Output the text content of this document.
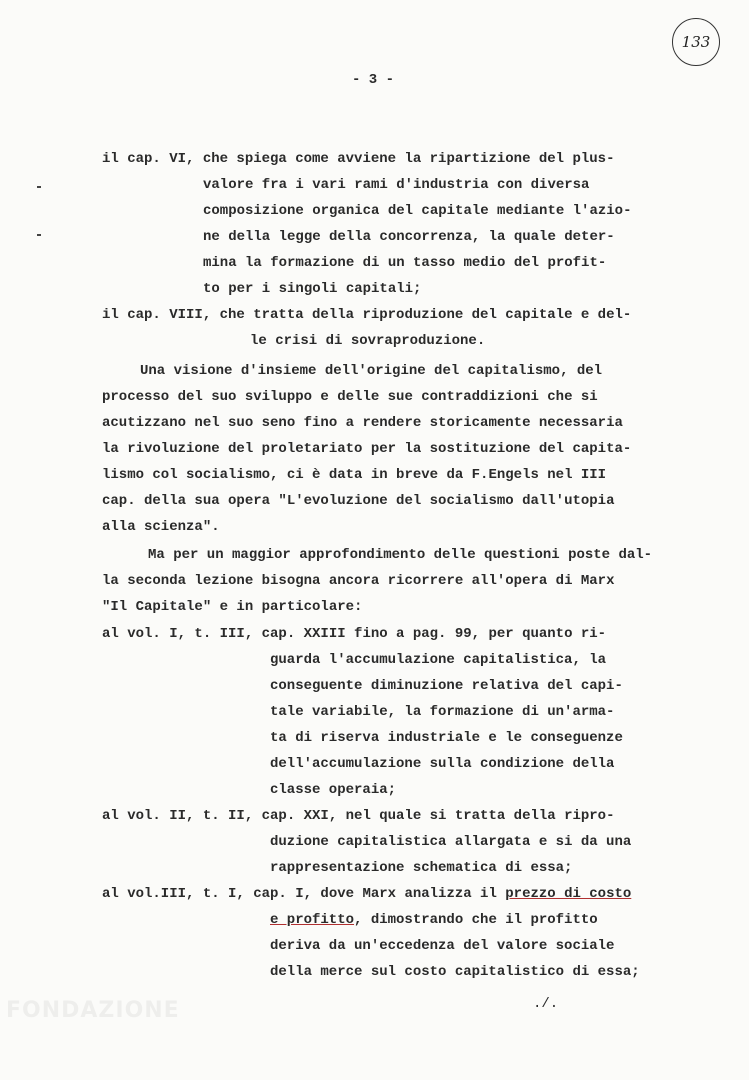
133
- 3 -
il cap. VI, che spiega come avviene la ripartizione del plus-
valore fra i vari rami d'industria con diversa
composizione organica del capitale mediante l'azio-
ne della legge della concorrenza, la quale deter-
mina la formazione di un tasso medio del profit-
to per i singoli capitali;
il cap. VIII, che tratta della riproduzione del capitale e del-
le crisi di sovraproduzione.
Una visione d'insieme dell'origine del capitalismo, del
processo del suo sviluppo e delle sue contraddizioni che si
acutizzano nel suo seno fino a rendere storicamente necessaria
la rivoluzione del proletariato per la sostituzione del capita-
lismo col socialismo, ci è data in breve da F.Engels nel III
cap. della sua opera "L'evoluzione del socialismo dall'utopia
alla scienza".
Ma per un maggior approfondimento delle questioni poste dal-
la seconda lezione bisogna ancora ricorrere all'opera di Marx
"Il Capitale" e in particolare:
al vol. I, t. III, cap. XXIII fino a pag. 99, per quanto ri-
guarda l'accumulazione capitalistica, la
conseguente diminuzione relativa del capi-
tale variabile, la formazione di un'arma-
ta di riserva industriale e le conseguenze
dell'accumulazione sulla condizione della
classe operaia;
al vol. II, t. II, cap. XXI, nel quale si tratta della ripro-
duzione capitalistica allargata e si da una
rappresentazione schematica di essa;
al vol.III, t. I, cap. I, dove Marx analizza il prezzo di costo
e profitto, dimostrando che il profitto
deriva da un'eccedenza del valore sociale
della merce sul costo capitalistico di essa;
./.
FONDAZIONE
